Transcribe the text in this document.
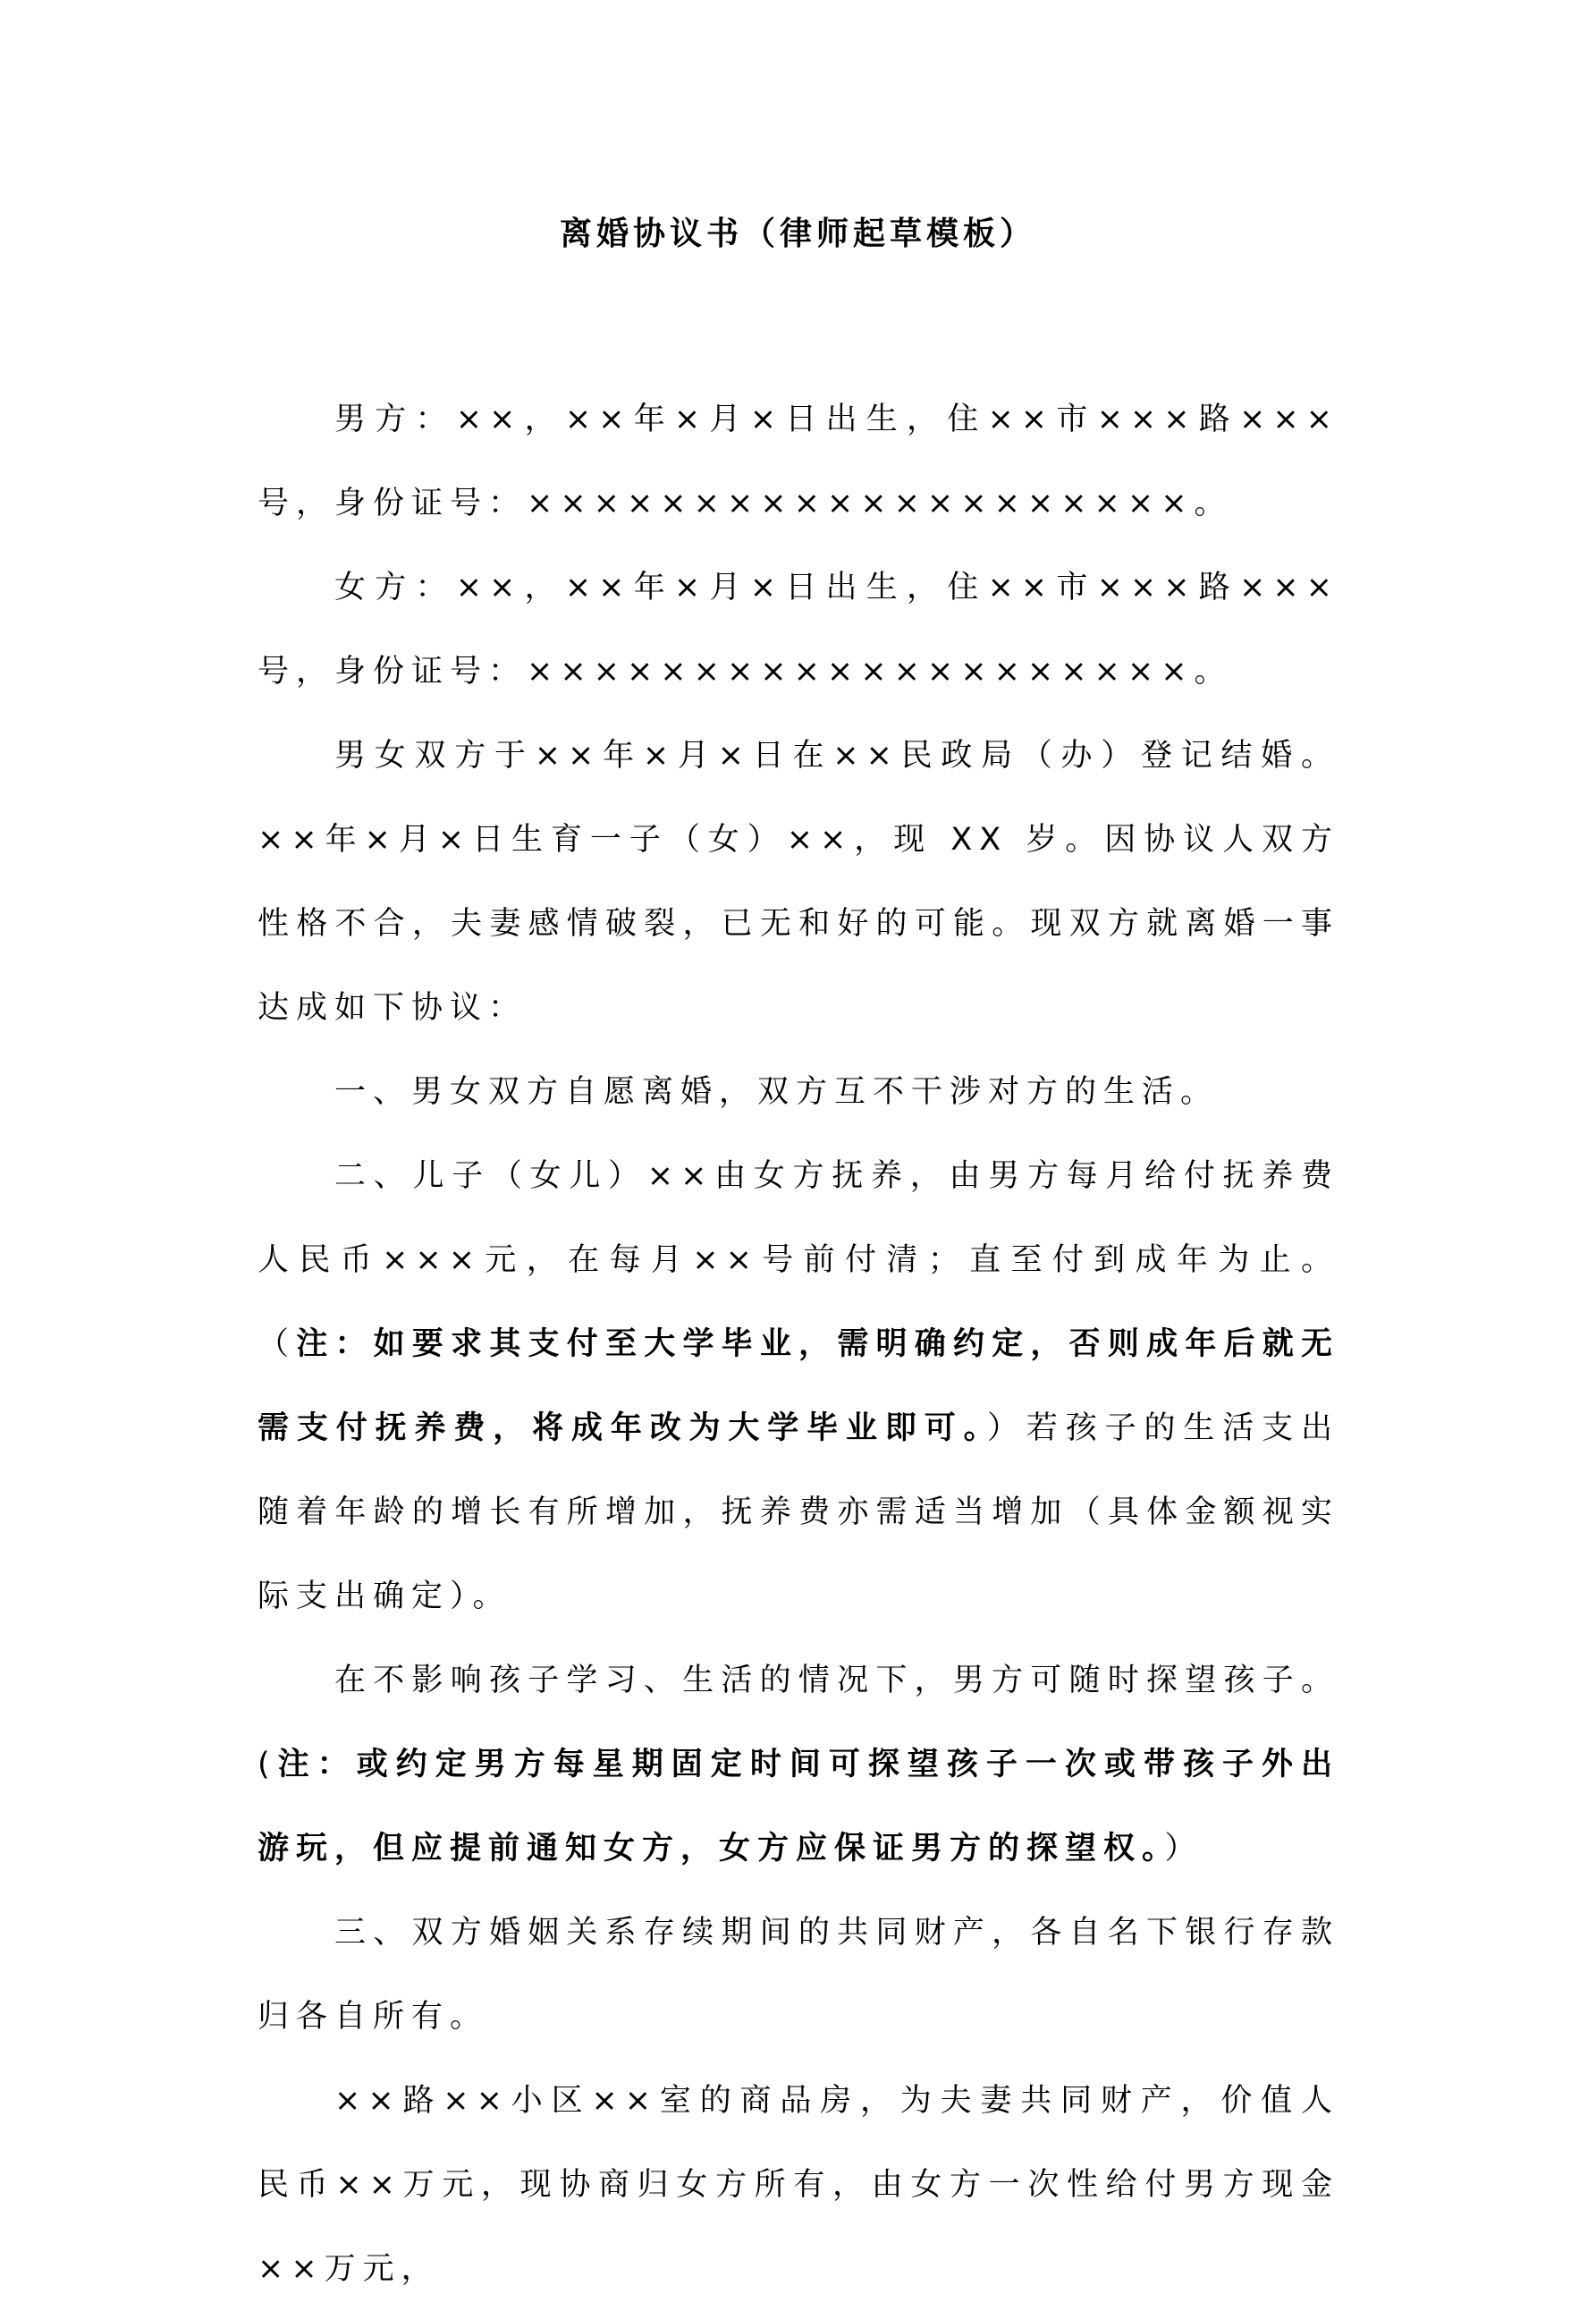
离婚协议书（律师起草模板）

男方：××，××年×月×日出生，住××市×××路×××号，身份证号：××××××××××××××××××××。

女方：××，××年×月×日出生，住××市×××路×××号，身份证号：××××××××××××××××××××。

男女双方于××年×月×日在××民政局（办）登记结婚。××年×月×日生育一子（女）××，现 XX 岁。因协议人双方性格不合，夫妻感情破裂，已无和好的可能。现双方就离婚一事达成如下协议：

一、男女双方自愿离婚，双方互不干涉对方的生活。

二、儿子（女儿）××由女方抚养，由男方每月给付抚养费人民币×××元，在每月××号前付清；直至付到成年为止。（注：如要求其支付至大学毕业，需明确约定，否则成年后就无需支付抚养费，将成年改为大学毕业即可。）若孩子的生活支出随着年龄的增长有所增加，抚养费亦需适当增加（具体金额视实际支出确定）。

在不影响孩子学习、生活的情况下，男方可随时探望孩子。(注：或约定男方每星期固定时间可探望孩子一次或带孩子外出游玩，但应提前通知女方，女方应保证男方的探望权。）

三、双方婚姻关系存续期间的共同财产，各自名下银行存款归各自所有。

××路××小区××室的商品房，为夫妻共同财产，价值人民币××万元，现协商归女方所有，由女方一次性给付男方现金××万元，
